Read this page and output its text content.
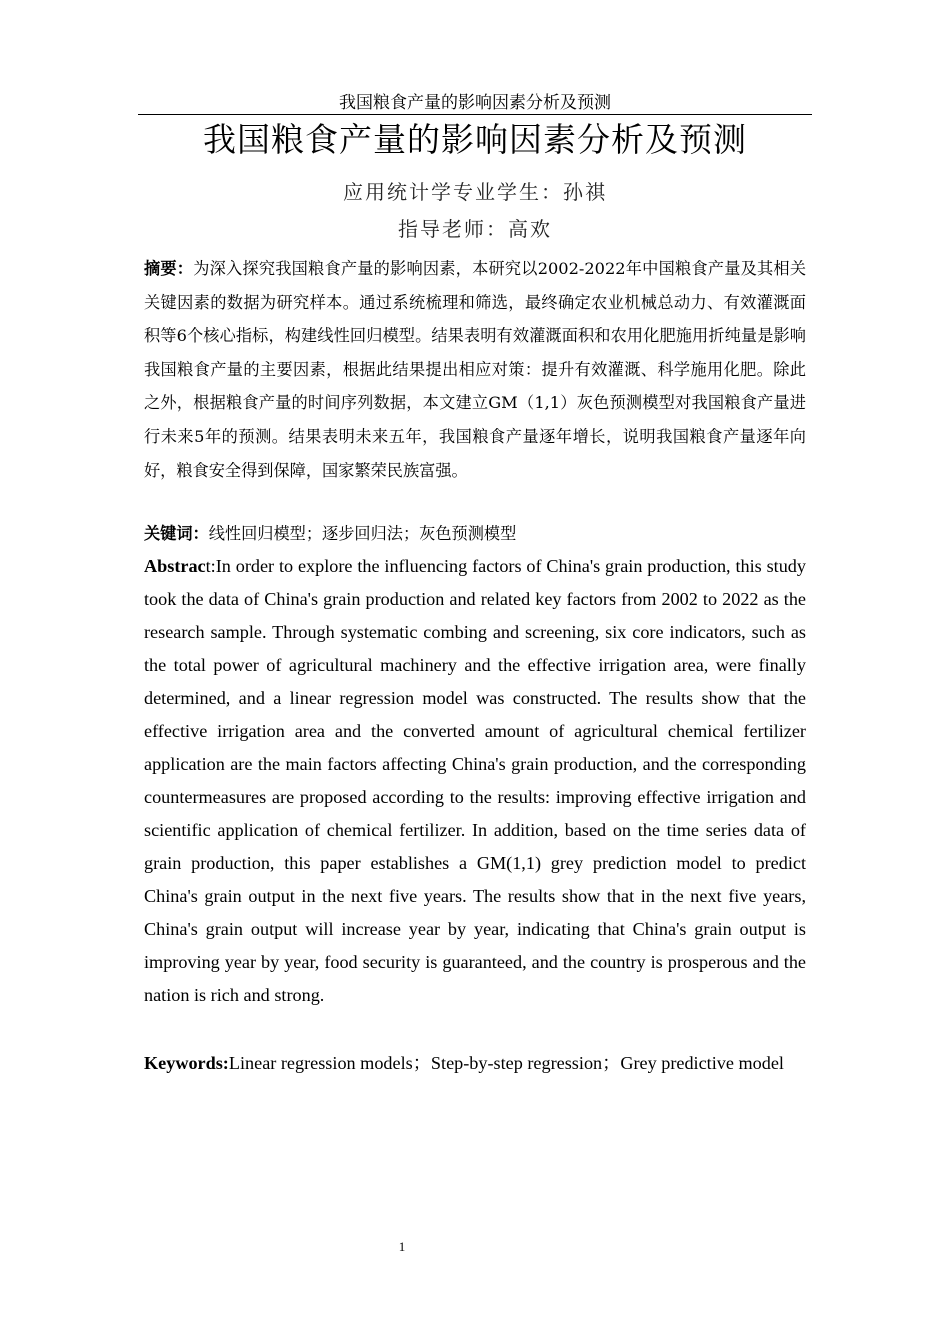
我国粮食产量的影响因素分析及预测
我国粮食产量的影响因素分析及预测
应用统计学专业学生：孙祺
指导老师：高欢

摘要：为深入探究我国粮食产量的影响因素，本研究以2002-2022年中国粮食产量及其相关关键因素的数据为研究样本。通过系统梳理和筛选，最终确定农业机械总动力、有效灌溉面积等6个核心指标，构建线性回归模型。结果表明有效灌溉面积和农用化肥施用折纯量是影响我国粮食产量的主要因素，根据此结果提出相应对策：提升有效灌溉、科学施用化肥。除此之外，根据粮食产量的时间序列数据，本文建立GM（1,1）灰色预测模型对我国粮食产量进行未来5年的预测。结果表明未来五年，我国粮食产量逐年增长，说明我国粮食产量逐年向好，粮食安全得到保障，国家繁荣民族富强。

关键词：线性回归模型；逐步回归法；灰色预测模型

Abstract:In order to explore the influencing factors of China's grain production, this study took the data of China's grain production and related key factors from 2002 to 2022 as the research sample. Through systematic combing and screening, six core indicators, such as the total power of agricultural machinery and the effective irrigation area, were finally determined, and a linear regression model was constructed. The results show that the effective irrigation area and the converted amount of agricultural chemical fertilizer application are the main factors affecting China's grain production, and the corresponding countermeasures are proposed according to the results: improving effective irrigation and scientific application of chemical fertilizer. In addition, based on the time series data of grain production, this paper establishes a GM(1,1) grey prediction model to predict China's grain output in the next five years. The results show that in the next five years, China's grain output will increase year by year, indicating that China's grain output is improving year by year, food security is guaranteed, and the country is prosperous and the nation is rich and strong.

Keywords:Linear regression models；Step-by-step regression；Grey predictive model

1
